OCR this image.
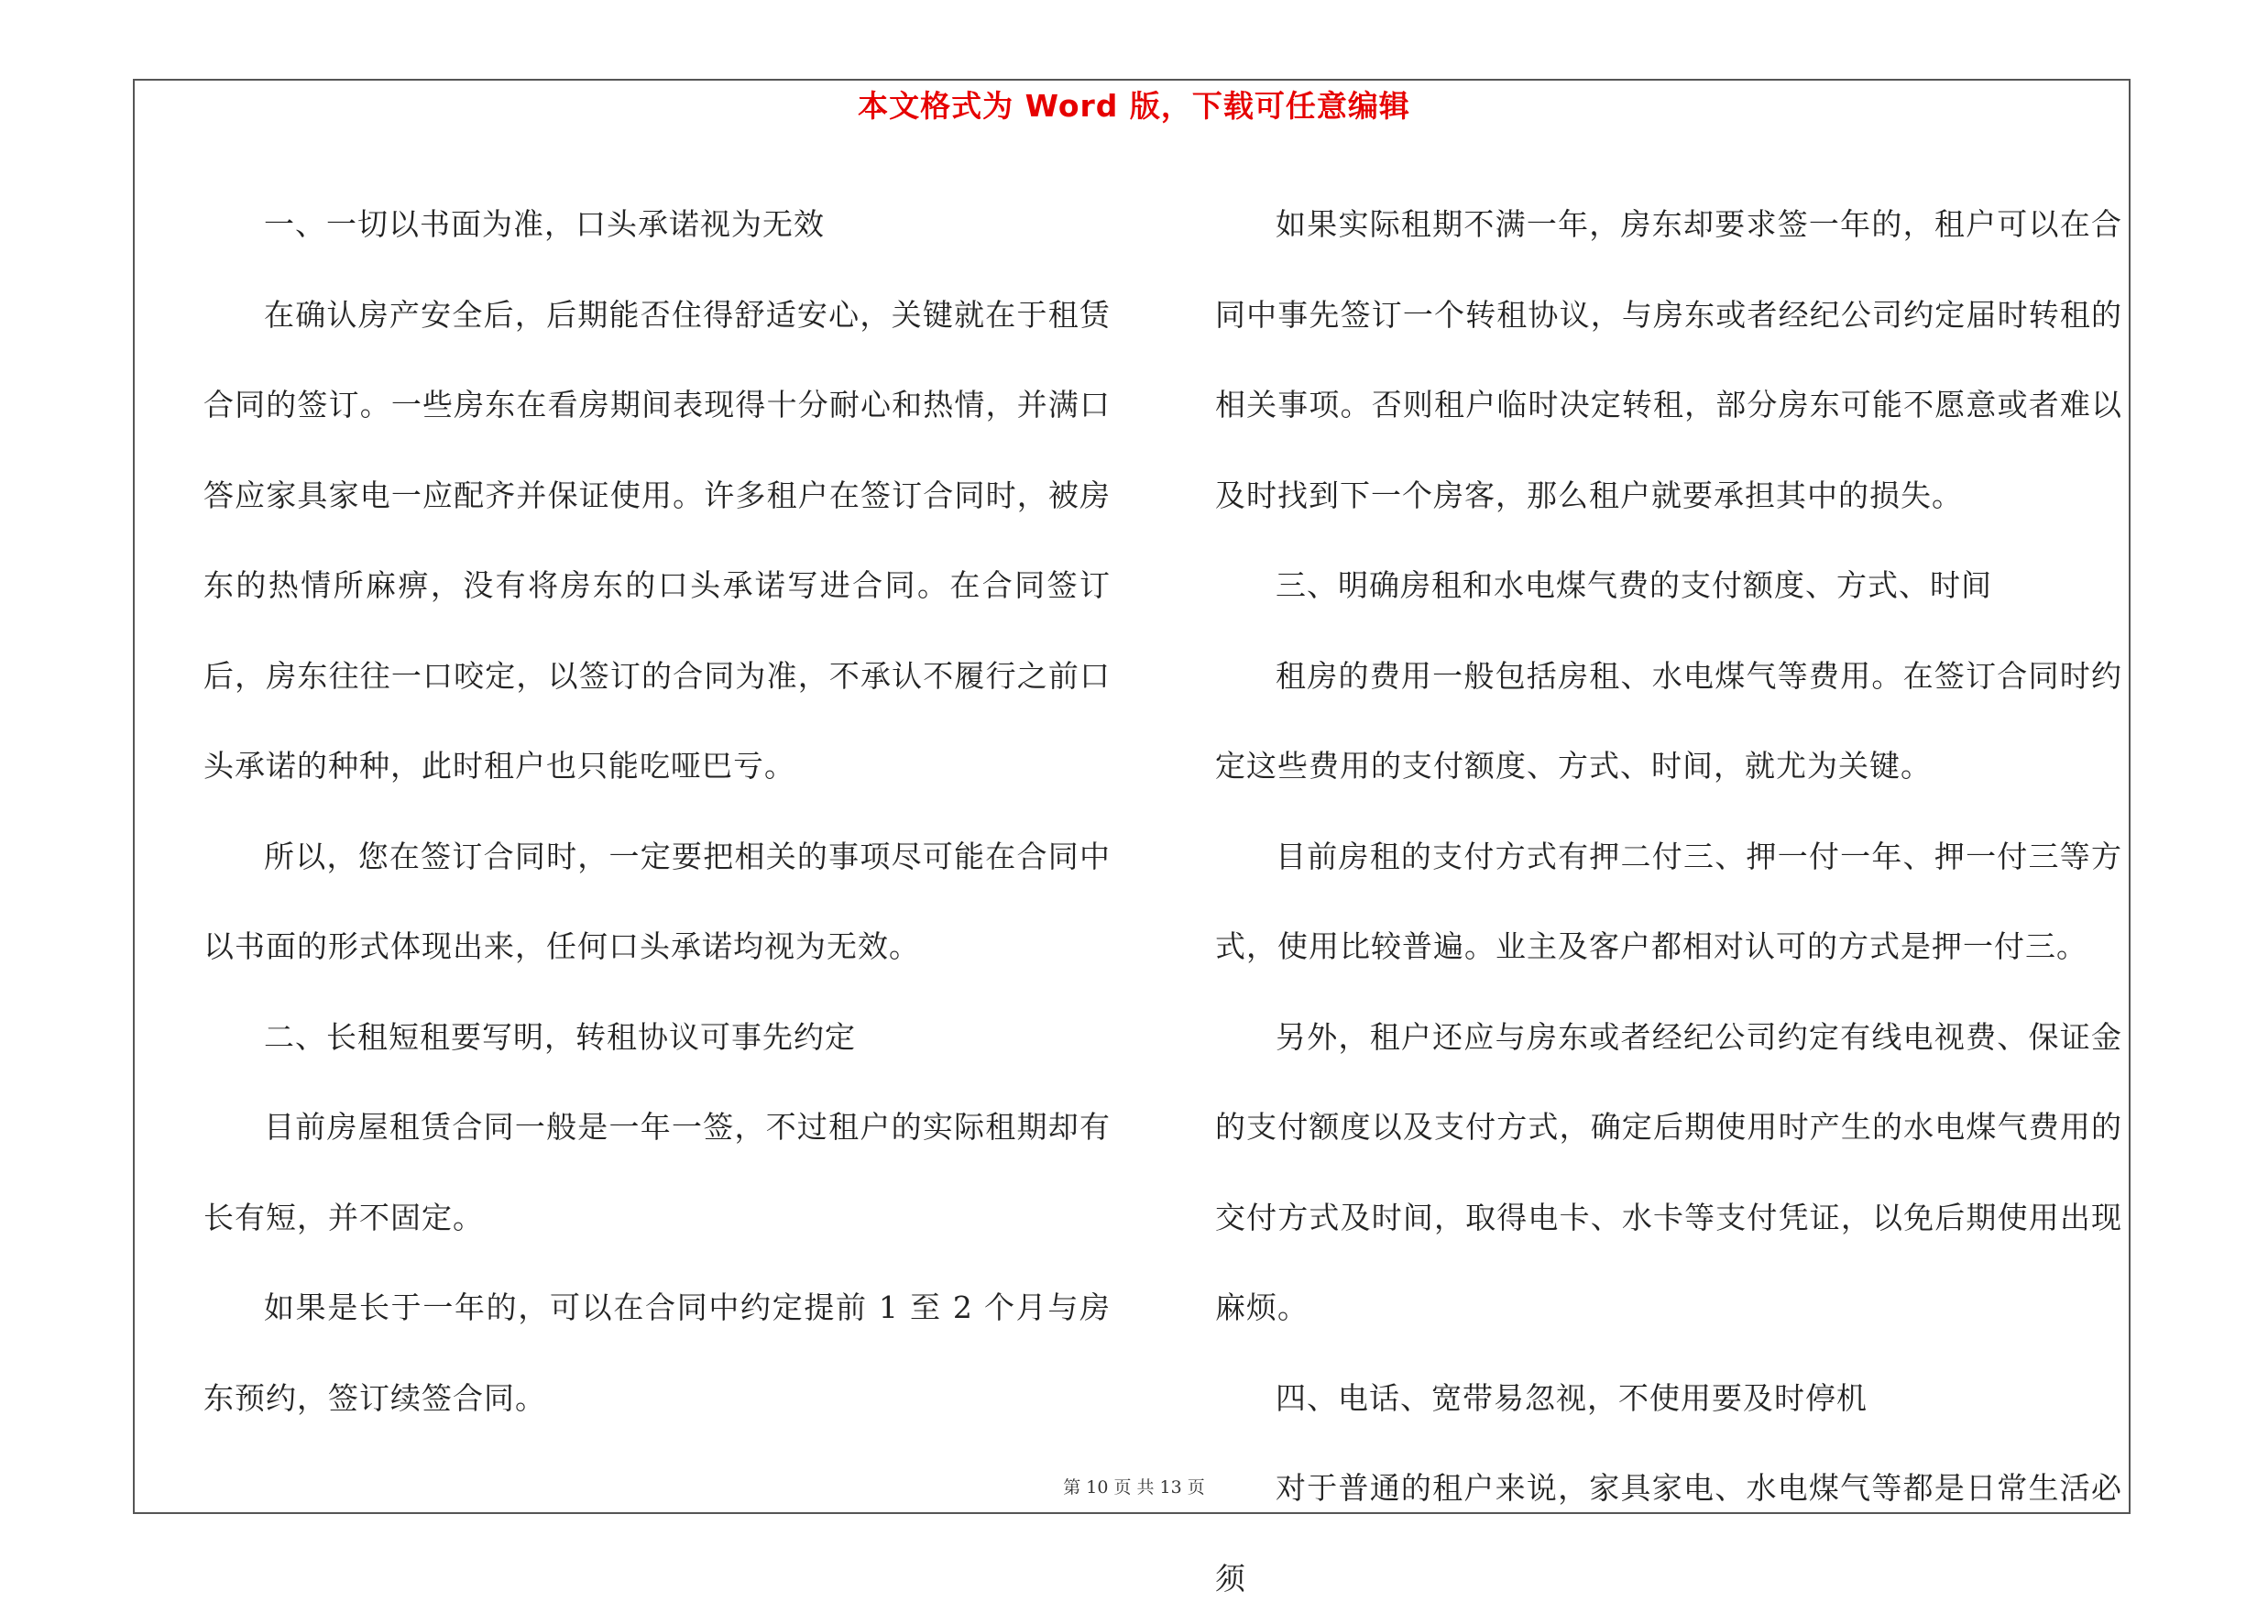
本文格式为 Word 版，下载可任意编辑

一、一切以书面为准，口头承诺视为无效

在确认房产安全后，后期能否住得舒适安心，关键就在于租赁合同的签订。一些房东在看房期间表现得十分耐心和热情，并满口答应家具家电一应配齐并保证使用。许多租户在签订合同时，被房东的热情所麻痹，没有将房东的口头承诺写进合同。在合同签订后，房东往往一口咬定，以签订的合同为准，不承认不履行之前口头承诺的种种，此时租户也只能吃哑巴亏。

所以，您在签订合同时，一定要把相关的事项尽可能在合同中以书面的形式体现出来，任何口头承诺均视为无效。

二、长租短租要写明，转租协议可事先约定

目前房屋租赁合同一般是一年一签，不过租户的实际租期却有长有短，并不固定。

如果是长于一年的，可以在合同中约定提前 1 至 2 个月与房东预约，签订续签合同。

如果实际租期不满一年，房东却要求签一年的，租户可以在合同中事先签订一个转租协议，与房东或者经纪公司约定届时转租的相关事项。否则租户临时决定转租，部分房东可能不愿意或者难以及时找到下一个房客，那么租户就要承担其中的损失。

三、明确房租和水电煤气费的支付额度、方式、时间

租房的费用一般包括房租、水电煤气等费用。在签订合同时约定这些费用的支付额度、方式、时间，就尤为关键。

目前房租的支付方式有押二付三、押一付一年、押一付三等方式，使用比较普遍。业主及客户都相对认可的方式是押一付三。

另外，租户还应与房东或者经纪公司约定有线电视费、保证金的支付额度以及支付方式，确定后期使用时产生的水电煤气费用的交付方式及时间，取得电卡、水卡等支付凭证，以免后期使用出现麻烦。

四、电话、宽带易忽视，不使用要及时停机

对于普通的租户来说，家具家电、水电煤气等都是日常生活必须

第 10 页 共 13 页
